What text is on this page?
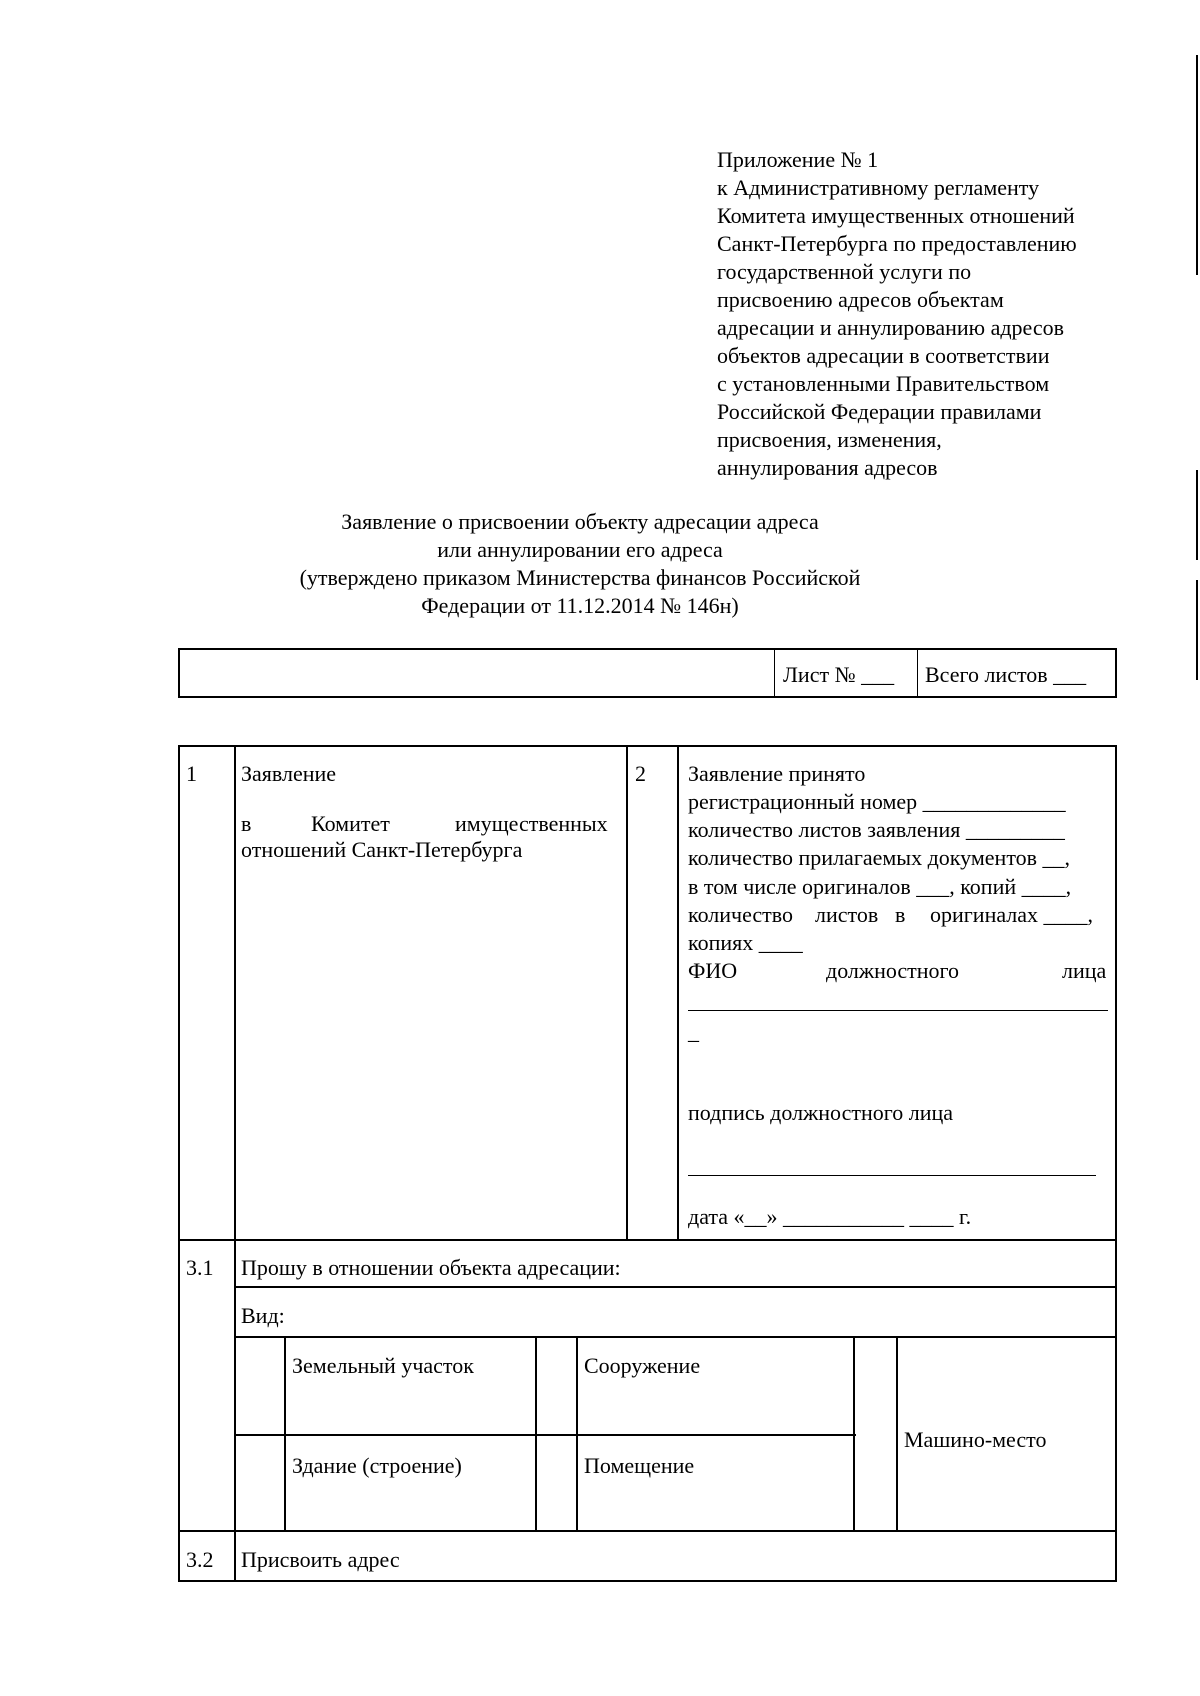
Приложение № 1
к Административному регламенту
Комитета имущественных отношений
Санкт-Петербурга по предоставлению
государственной услуги по
присвоению адресов объектам
адресации и аннулированию адресов
объектов адресации в соответствии
с установленными Правительством
Российской Федерации правилами
присвоения, изменения,
аннулирования адресов
Заявление о присвоении объекту адресации адреса
или аннулировании его адреса
(утверждено приказом Министерства финансов Российской
Федерации от 11.12.2014 № 146н)
Лист № ___ Всего листов ___
1 Заявление
в	Комитет	имущественных
отношений Санкт-Петербурга
2 Заявление принято
регистрационный номер _____________
количество листов заявления _________
количество прилагаемых документов __,
в том числе оригиналов ___, копий ____,
количество листов в оригиналах ____,
копиях ____
ФИО	должностного	лица
_
подпись должностного лица
дата «__» ___________ ____ г.
3.1 Прошу в отношении объекта адресации:
Вид:
Земельный участок	Сооружение
Здание (строение)	Помещение
Машино-место
3.2 Присвоить адрес
